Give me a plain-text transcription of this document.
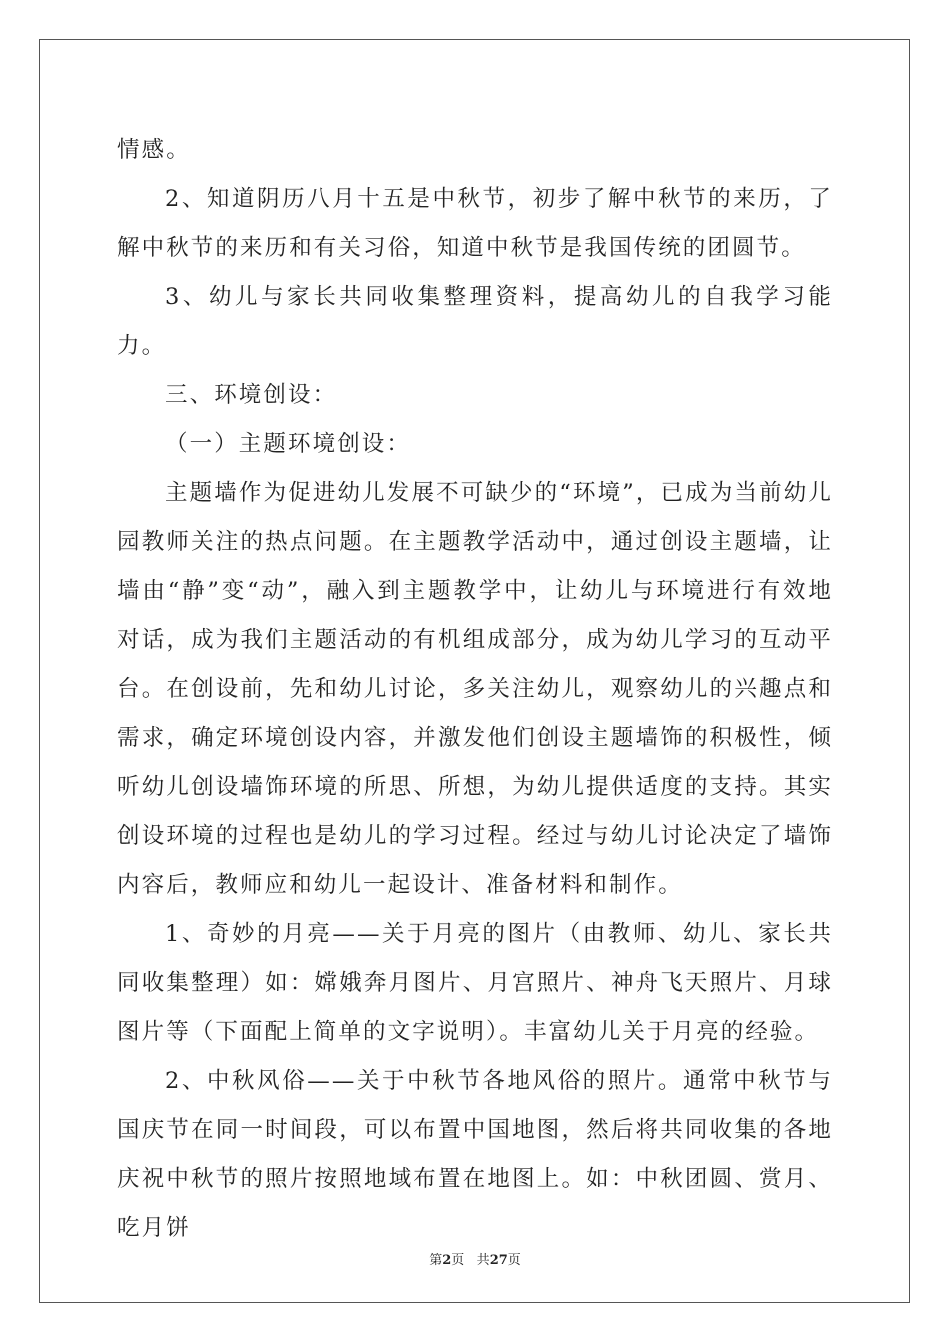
情感。

2、知道阴历八月十五是中秋节，初步了解中秋节的来历，了解中秋节的来历和有关习俗，知道中秋节是我国传统的团圆节。

3、幼儿与家长共同收集整理资料，提高幼儿的自我学习能力。

三、环境创设：

（一）主题环境创设：

主题墙作为促进幼儿发展不可缺少的“环境”，已成为当前幼儿园教师关注的热点问题。在主题教学活动中，通过创设主题墙，让墙由“静”变“动”，融入到主题教学中，让幼儿与环境进行有效地对话，成为我们主题活动的有机组成部分，成为幼儿学习的互动平台。在创设前，先和幼儿讨论，多关注幼儿，观察幼儿的兴趣点和需求，确定环境创设内容，并激发他们创设主题墙饰的积极性，倾听幼儿创设墙饰环境的所思、所想，为幼儿提供适度的支持。其实创设环境的过程也是幼儿的学习过程。经过与幼儿讨论决定了墙饰内容后，教师应和幼儿一起设计、准备材料和制作。

1、奇妙的月亮——关于月亮的图片（由教师、幼儿、家长共同收集整理）如：嫦娥奔月图片、月宫照片、神舟飞天照片、月球图片等（下面配上简单的文字说明）。丰富幼儿关于月亮的经验。

2、中秋风俗——关于中秋节各地风俗的照片。通常中秋节与国庆节在同一时间段，可以布置中国地图，然后将共同收集的各地庆祝中秋节的照片按照地域布置在地图上。如：中秋团圆、赏月、吃月饼

第2页 共27页
